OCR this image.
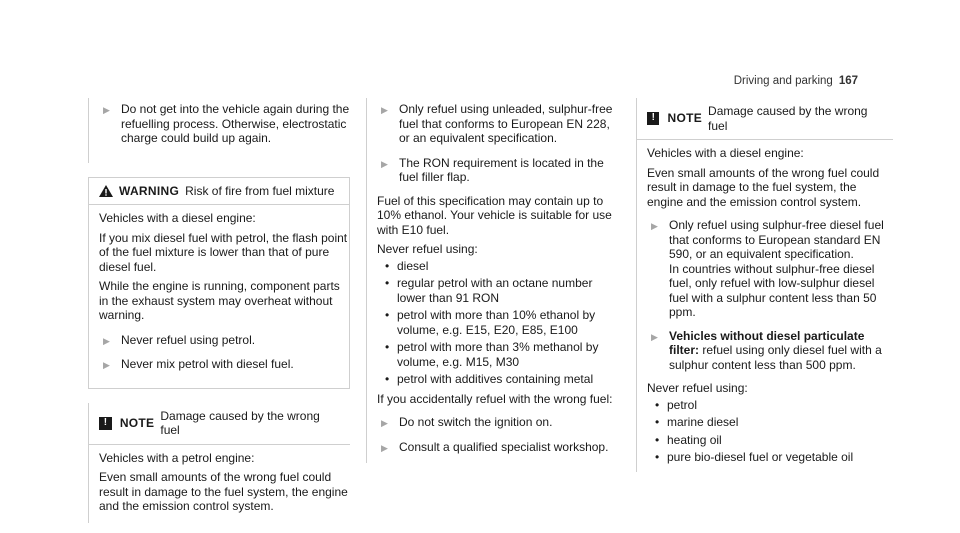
Driving and parking 167
▶ Do not get into the vehicle again during the refuelling process. Otherwise, electrostatic charge could build up again.
WARNING Risk of fire from fuel mixture
Vehicles with a diesel engine:
If you mix diesel fuel with petrol, the flash point of the fuel mixture is lower than that of pure diesel fuel.
While the engine is running, component parts in the exhaust system may overheat without warning.
▶ Never refuel using petrol.
▶ Never mix petrol with diesel fuel.
!	NOTE
Damage caused by the wrong fuel
Vehicles with a petrol engine:
Even small amounts of the wrong fuel could result in damage to the fuel system, the engine and the emission control system.
▶ Only refuel using unleaded, sulphur-free fuel that conforms to European EN 228, or an equivalent specification.
▶ The RON requirement is located in the fuel filler flap.
Fuel of this specification may contain up to 10% ethanol. Your vehicle is suitable for use with E10 fuel.
Never refuel using:
• diesel
• regular petrol with an octane number lower than 91 RON
• petrol with more than 10% ethanol by volume, e.g. E15, E20, E85, E100
• petrol with more than 3% methanol by volume, e.g. M15, M30
• petrol with additives containing metal
If you accidentally refuel with the wrong fuel:
▶ Do not switch the ignition on.
▶ Consult a qualified specialist workshop.
!	NOTE
Damage caused by the wrong fuel
Vehicles with a diesel engine:
Even small amounts of the wrong fuel could result in damage to the fuel system, the engine and the emission control system.
▶ Only refuel using sulphur-free diesel fuel that conforms to European standard EN 590, or an equivalent specification.
In countries without sulphur-free diesel fuel, only refuel with low-sulphur diesel fuel with a sulphur content less than 50 ppm.
▶ Vehicles without diesel particulate filter: refuel using only diesel fuel with a sulphur content less than 500 ppm.
Never refuel using:
• petrol
• marine diesel
• heating oil
• pure bio-diesel fuel or vegetable oil
